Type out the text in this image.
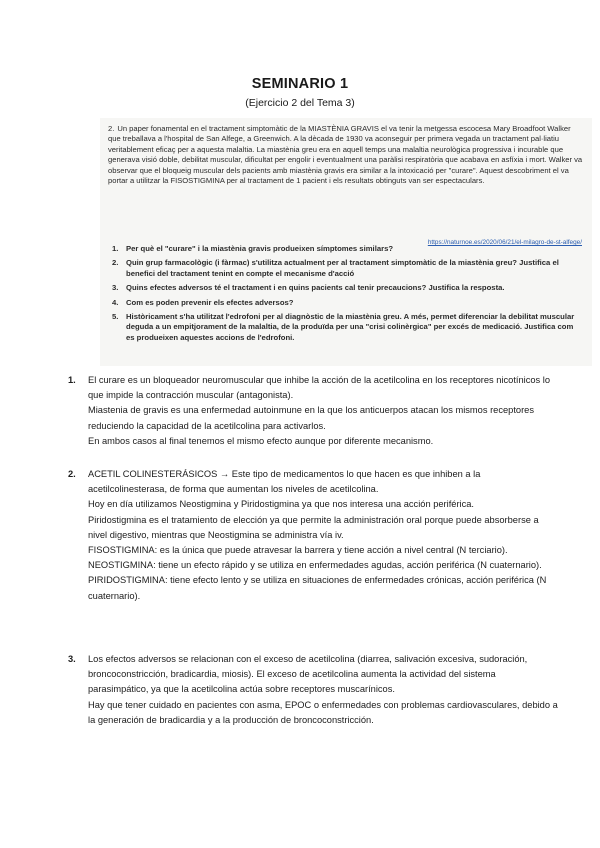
SEMINARIO 1
(Ejercicio 2 del Tema 3)
2. Un paper fonamental en el tractament simptomàtic de la MIASTÈNIA GRAVIS el va tenir la metgessa escocesa Mary Broadfoot Walker que treballava a l'hospital de San Alfege, a Greenwich. A la dècada de 1930 va aconseguir per primera vegada un tractament pal·liatiu veritablement eficaç per a aquesta malaltia. La miastènia greu era en aquell temps una malaltia neurològica progressiva i incurable que generava visió doble, debilitat muscular, dificultat per engolir i eventualment una paràlisi respiratòria que acabava en asfíxia i mort. Walker va observar que el bloqueig muscular dels pacients amb miastènia gravis era similar a la intoxicació per "curare". Aquest descobriment el va portar a utilitzar la FISOSTIGMINA per al tractament de 1 pacient i els resultats obtinguts van ser espectaculars.
https://naturnoe.es/2020/06/21/el-milagro-de-st-alfege/
1. Per què el "curare" i la miastènia gravis produeixen símptomes similars?
2. Quin grup farmacològic (i fàrmac) s'utilitza actualment per al tractament simptomàtic de la miastènia greu? Justifica el benefici del tractament tenint en compte el mecanisme d'acció
3. Quins efectes adversos té el tractament i en quins pacients cal tenir precaucions? Justifica la resposta.
4. Com es poden prevenir els efectes adversos?
5. Històricament s'ha utilitzat l'edrofoni per al diagnòstic de la miastènia greu. A més, permet diferenciar la debilitat muscular deguda a un empitjorament de la malaltia, de la produïda per una "crisi colinèrgica" per excés de medicació. Justifica com es produeixen aquestes accions de l'edrofoni.
1. El curare es un bloqueador neuromuscular que inhibe la acción de la acetilcolina en los receptores nicotínicos lo que impide la contracción muscular (antagonista).

Miastenia de gravis es una enfermedad autoinmune en la que los anticuerpos atacan los mismos receptores reduciendo la capacidad de la acetilcolina para activarlos.

En ambos casos al final tenemos el mismo efecto aunque por diferente mecanismo.

2. ACETIL COLINESTERÁSICOS → Este tipo de medicamentos lo que hacen es que inhiben a la acetilcolinesterasa, de forma que aumentan los niveles de acetilcolina.

Hoy en día utilizamos Neostigmina y Piridostigmina ya que nos interesa una acción periférica.

Piridostigmina es el tratamiento de elección ya que permite la administración oral porque puede absorberse a nivel digestivo, mientras que Neostigmina se administra vía iv.

FISOSTIGMINA: es la única que puede atravesar la barrera y tiene acción a nivel central (N terciario).

NEOSTIGMINA: tiene un efecto rápido y se utiliza en enfermedades agudas, acción periférica (N cuaternario).

PIRIDOSTIGMINA: tiene efecto lento y se utiliza en situaciones de enfermedades crónicas, acción periférica (N cuaternario).

3. Los efectos adversos se relacionan con el exceso de acetilcolina (diarrea, salivación excesiva, sudoración, broncoconstricción, bradicardia, miosis). El exceso de acetilcolina aumenta la actividad del sistema parasimpático, ya que la acetilcolina actúa sobre receptores muscarínicos.

Hay que tener cuidado en pacientes con asma, EPOC o enfermedades con problemas cardiovasculares, debido a la generación de bradicardia y a la producción de broncoconstricción.
